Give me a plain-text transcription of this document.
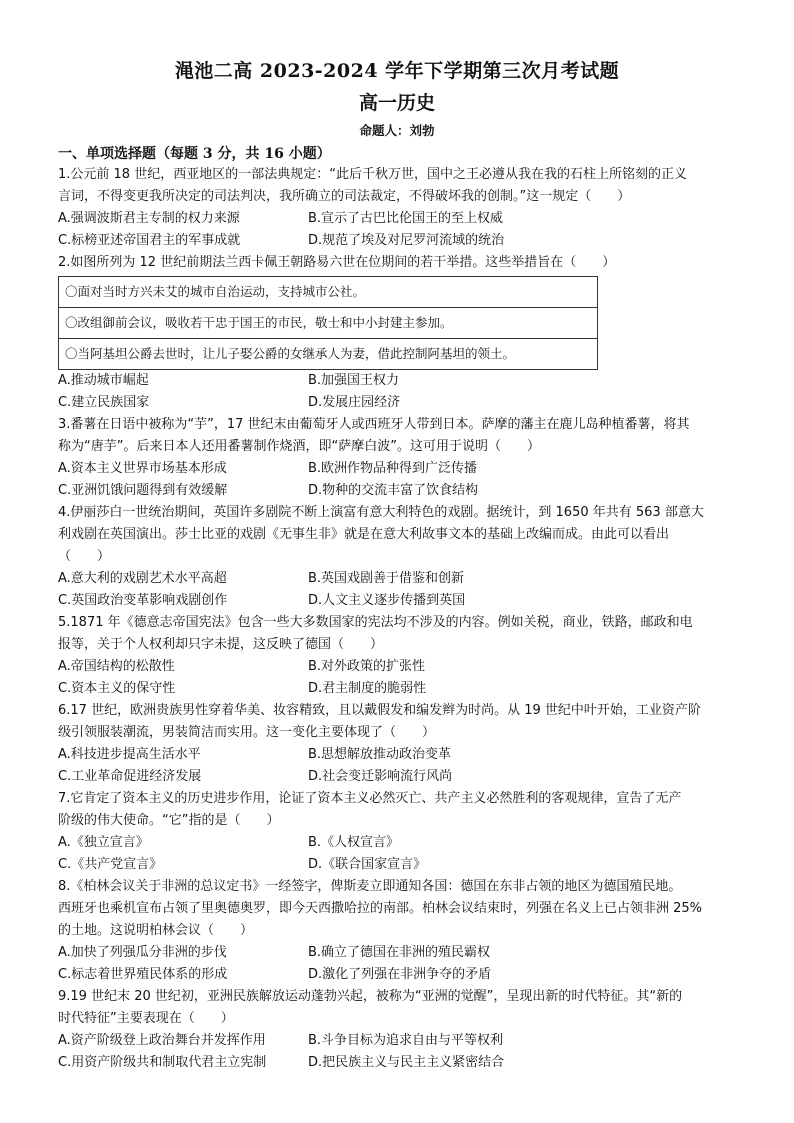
渑池二高 2023-2024 学年下学期第三次月考试题
高一历史
命题人：刘勃
一、单项选择题（每题 3 分，共 16 小题）
1.公元前 18 世纪，西亚地区的一部法典规定：“此后千秋万世，国中之王必遵从我在我的石柱上所铭刻的正义
言词，不得变更我所决定的司法判决，我所确立的司法裁定，不得破坏我的创制。”这一规定（　　）
A.强调波斯君主专制的权力来源	B.宣示了古巴比伦国王的至上权威
C.标榜亚述帝国君主的军事成就	D.规范了埃及对尼罗河流域的统治
2.如图所列为 12 世纪前期法兰西卡佩王朝路易六世在位期间的若干举措。这些举措旨在（　　）
〇面对当时方兴未艾的城市自治运动，支持城市公社。
〇改组御前会议，吸收若干忠于国王的市民，敬士和中小封建主参加。
〇当阿基坦公爵去世时，让儿子娶公爵的女继承人为妻，借此控制阿基坦的领土。
A.推动城市崛起	B.加强国王权力
C.建立民族国家	D.发展庄园经济
3.番薯在日语中被称为“芋”，17 世纪末由葡萄牙人或西班牙人带到日本。萨摩的藩主在鹿儿岛种植番薯，将其
称为“唐芋”。后来日本人还用番薯制作烧酒，即“萨摩白波”。这可用于说明（　　）
A.资本主义世界市场基本形成	B.欧洲作物品种得到广泛传播
C.亚洲饥饿问题得到有效缓解	D.物种的交流丰富了饮食结构
4.伊丽莎白一世统治期间，英国许多剧院不断上演富有意大利特色的戏剧。据统计，到 1650 年共有 563 部意大
利戏剧在英国演出。莎士比亚的戏剧《无事生非》就是在意大利故事文本的基础上改编而成。由此可以看出
（　　）
A.意大利的戏剧艺术水平高超	B.英国戏剧善于借鉴和创新
C.英国政治变革影响戏剧创作	D.人文主义逐步传播到英国
5.1871 年《德意志帝国宪法》包含一些大多数国家的宪法均不涉及的内容。例如关税，商业，铁路，邮政和电
报等，关于个人权利却只字未提，这反映了德国（　　）
A.帝国结构的松散性	B.对外政策的扩张性
C.资本主义的保守性	D.君主制度的脆弱性
6.17 世纪，欧洲贵族男性穿着华美、妆容精致，且以戴假发和编发辫为时尚。从 19 世纪中叶开始，工业资产阶
级引领服装潮流，男装简洁而实用。这一变化主要体现了（　　）
A.科技进步提高生活水平	B.思想解放推动政治变革
C.工业革命促进经济发展	D.社会变迁影响流行风尚
7.它肯定了资本主义的历史进步作用，论证了资本主义必然灭亡、共产主义必然胜利的客观规律，宣告了无产
阶级的伟大使命。“它”指的是（　　）
A.《独立宣言》	B.《人权宣言》
C.《共产党宣言》	D.《联合国家宣言》
8.《柏林会议关于非洲的总议定书》一经签字，俾斯麦立即通知各国：德国在东非占领的地区为德国殖民地。
西班牙也乘机宣布占领了里奥德奥罗，即今天西撒哈拉的南部。柏林会议结束时，列强在名义上已占领非洲 25%
的土地。这说明柏林会议（　　）
A.加快了列强瓜分非洲的步伐	B.确立了德国在非洲的殖民霸权
C.标志着世界殖民体系的形成	D.激化了列强在非洲争夺的矛盾
9.19 世纪末 20 世纪初，亚洲民族解放运动蓬勃兴起，被称为“亚洲的觉醒”，呈现出新的时代特征。其“新的
时代特征”主要表现在（　　）
A.资产阶级登上政治舞台并发挥作用	B.斗争目标为追求自由与平等权利
C.用资产阶级共和制取代君主立宪制	D.把民族主义与民主主义紧密结合
